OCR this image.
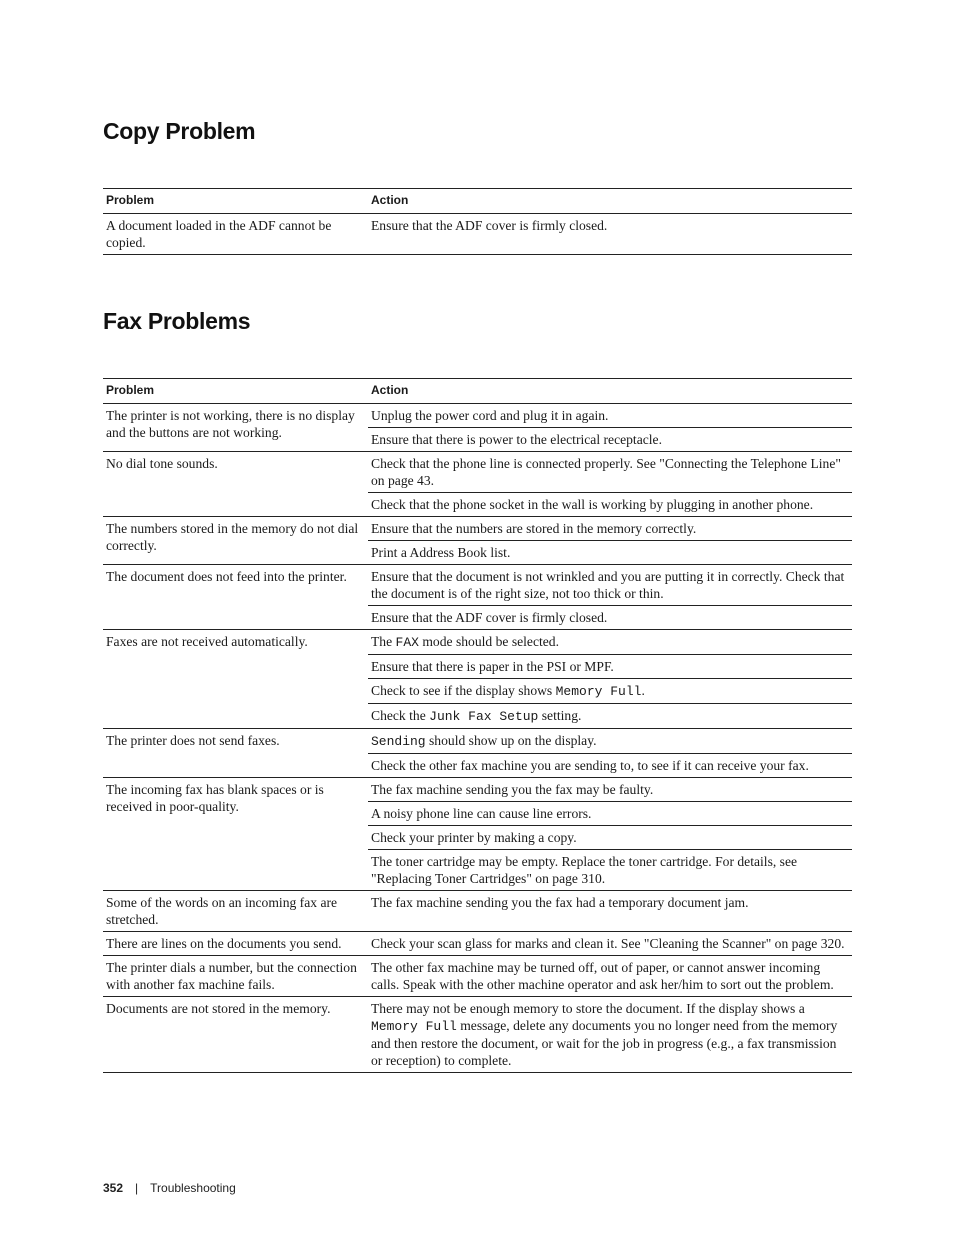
Copy Problem
Problem	Action
A document loaded in the ADF cannot be copied.	Ensure that the ADF cover is firmly closed.
Fax Problems
Problem	Action
The printer is not working, there is no display and the buttons are not working.	Unplug the power cord and plug it in again.
	Ensure that there is power to the electrical receptacle.
No dial tone sounds.	Check that the phone line is connected properly. See "Connecting the Telephone Line" on page 43.
	Check that the phone socket in the wall is working by plugging in another phone.
The numbers stored in the memory do not dial correctly.	Ensure that the numbers are stored in the memory correctly.
	Print a Address Book list.
The document does not feed into the printer.	Ensure that the document is not wrinkled and you are putting it in correctly. Check that the document is of the right size, not too thick or thin.
	Ensure that the ADF cover is firmly closed.
Faxes are not received automatically.	The FAX mode should be selected.
	Ensure that there is paper in the PSI or MPF.
	Check to see if the display shows Memory Full.
	Check the Junk Fax Setup setting.
The printer does not send faxes.	Sending should show up on the display.
	Check the other fax machine you are sending to, to see if it can receive your fax.
The incoming fax has blank spaces or is received in poor-quality.	The fax machine sending you the fax may be faulty.
	A noisy phone line can cause line errors.
	Check your printer by making a copy.
	The toner cartridge may be empty. Replace the toner cartridge. For details, see "Replacing Toner Cartridges" on page 310.
Some of the words on an incoming fax are stretched.	The fax machine sending you the fax had a temporary document jam.
There are lines on the documents you send.	Check your scan glass for marks and clean it. See "Cleaning the Scanner" on page 320.
The printer dials a number, but the connection with another fax machine fails.	The other fax machine may be turned off, out of paper, or cannot answer incoming calls. Speak with the other machine operator and ask her/him to sort out the problem.
Documents are not stored in the memory.	There may not be enough memory to store the document. If the display shows a Memory Full message, delete any documents you no longer need from the memory and then restore the document, or wait for the job in progress (e.g., a fax transmission or reception) to complete.
352 | Troubleshooting
